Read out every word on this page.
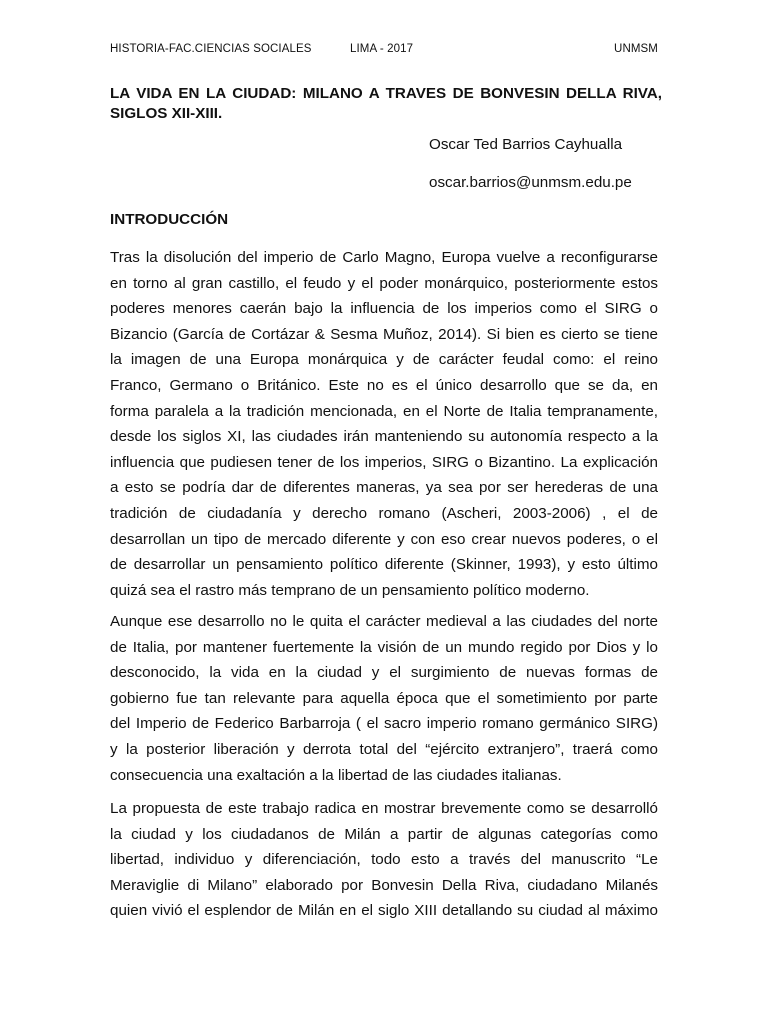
HISTORIA-FAC.CIENCIAS SOCIALES	LIMA - 2017	UNMSM
LA VIDA EN LA CIUDAD: MILANO A TRAVES DE BONVESIN DELLA RIVA,
SIGLOS XII-XIII.
Oscar Ted Barrios Cayhualla
oscar.barrios@unmsm.edu.pe
INTRODUCCIÓN
Tras la disolución del imperio de Carlo Magno, Europa vuelve a reconfigurarse
en torno al gran castillo, el feudo y el poder monárquico, posteriormente estos
poderes menores caerán bajo la influencia de los imperios como el SIRG o
Bizancio (García de Cortázar & Sesma Muñoz, 2014). Si bien es cierto se tiene
la imagen de una Europa monárquica y de carácter feudal como: el reino
Franco, Germano o Británico. Este no es el único desarrollo que se da, en
forma paralela a la tradición mencionada, en el Norte de Italia tempranamente,
desde los siglos XI, las ciudades irán manteniendo su autonomía respecto a la
influencia que pudiesen tener de los imperios, SIRG o Bizantino. La explicación
a esto se podría dar de diferentes maneras, ya sea por ser herederas de una
tradición de ciudadanía y derecho romano (Ascheri, 2003-2006) , el de
desarrollan un tipo de mercado diferente y con eso crear nuevos poderes, o el
de desarrollar un pensamiento político diferente (Skinner, 1993), y esto último
quizá sea el rastro más temprano de un pensamiento político moderno.
Aunque ese desarrollo no le quita el carácter medieval a las ciudades del norte
de Italia, por mantener fuertemente la visión de un mundo regido por Dios y lo
desconocido, la vida en la ciudad y el surgimiento de nuevas formas de
gobierno fue tan relevante para aquella época que el sometimiento por parte
del Imperio de Federico Barbarroja ( el sacro imperio romano germánico SIRG)
y la posterior liberación y derrota total del “ejército extranjero”, traerá como
consecuencia una exaltación a la libertad de las ciudades italianas.
La propuesta de este trabajo radica en mostrar brevemente como se desarrolló
la ciudad y los ciudadanos de Milán a partir de algunas categorías como
libertad, individuo y diferenciación, todo esto a través del manuscrito “Le
Meraviglie di Milano” elaborado por Bonvesin Della Riva, ciudadano Milanés
quien vivió el esplendor de Milán en el siglo XIII detallando su ciudad al máximo
